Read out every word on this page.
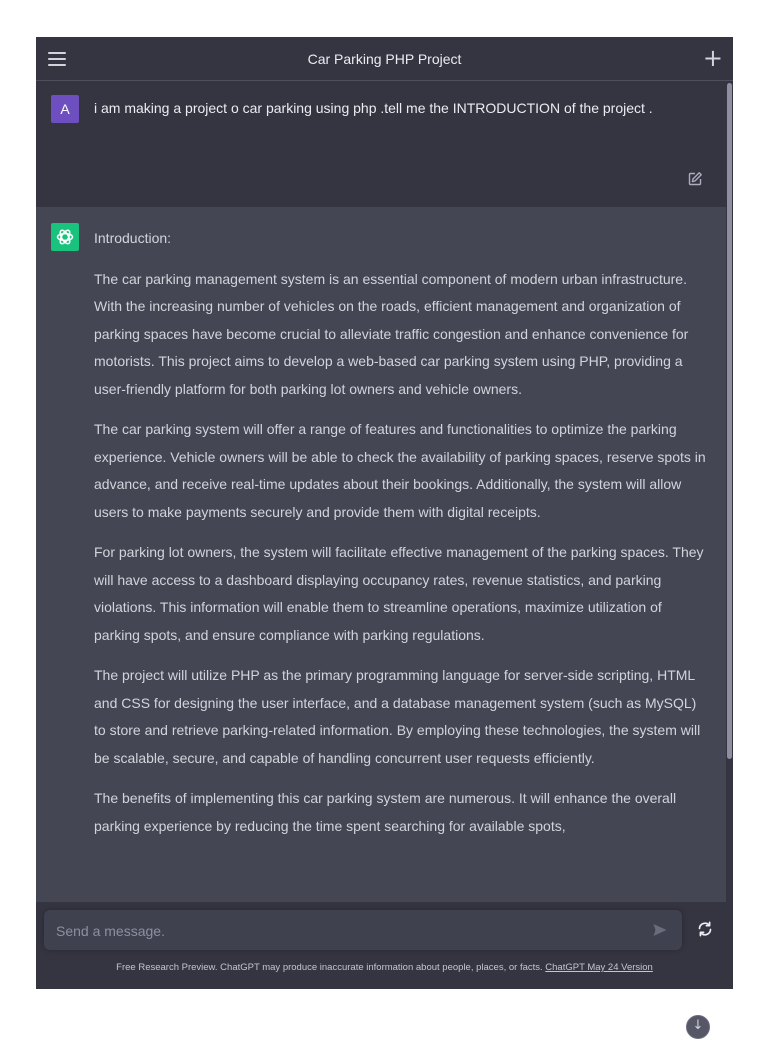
Car Parking PHP Project	+
A	i am making a project o car parking using php .tell me the INTRODUCTION of the project .

Introduction:

The car parking management system is an essential component of modern urban infrastructure. With the increasing number of vehicles on the roads, efficient management and organization of parking spaces have become crucial to alleviate traffic congestion and enhance convenience for motorists. This project aims to develop a web-based car parking system using PHP, providing a user-friendly platform for both parking lot owners and vehicle owners.

The car parking system will offer a range of features and functionalities to optimize the parking experience. Vehicle owners will be able to check the availability of parking spaces, reserve spots in advance, and receive real-time updates about their bookings. Additionally, the system will allow users to make payments securely and provide them with digital receipts.

For parking lot owners, the system will facilitate effective management of the parking spaces. They will have access to a dashboard displaying occupancy rates, revenue statistics, and parking violations. This information will enable them to streamline operations, maximize utilization of parking spots, and ensure compliance with parking regulations.

The project will utilize PHP as the primary programming language for server-side scripting, HTML and CSS for designing the user interface, and a database management system (such as MySQL) to store and retrieve parking-related information. By employing these technologies, the system will be scalable, secure, and capable of handling concurrent user requests efficiently.

The benefits of implementing this car parking system are numerous. It will enhance the overall parking experience by reducing the time spent searching for available spots,

↓
Send a message.
Free Research Preview. ChatGPT may produce inaccurate information about people, places, or facts. ChatGPT May 24 Version
